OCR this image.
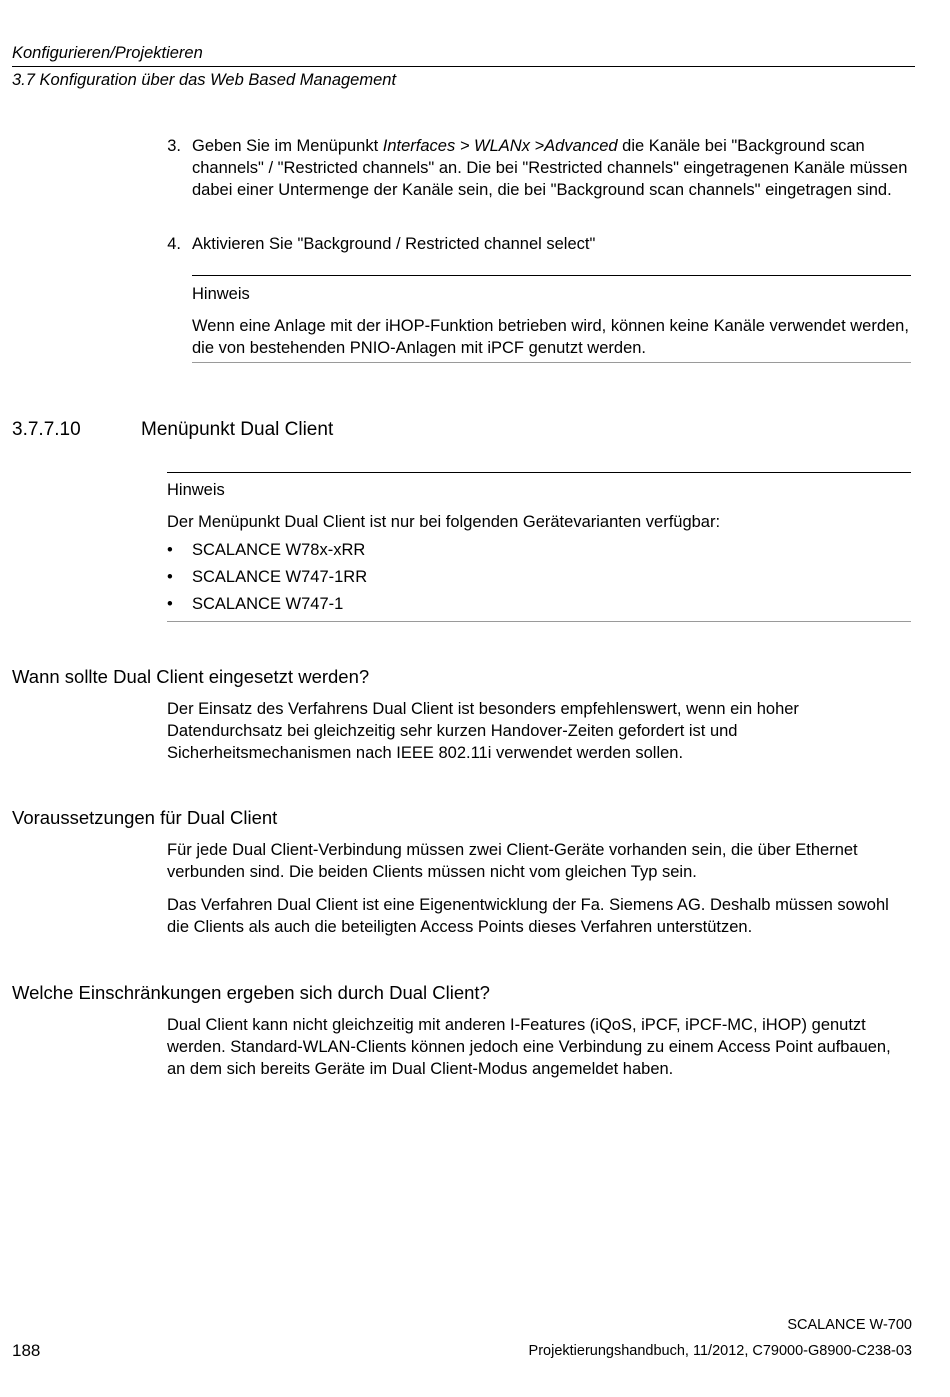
Konfigurieren/Projektieren
3.7 Konfiguration über das Web Based Management
3. Geben Sie im Menüpunkt Interfaces > WLANx >Advanced die Kanäle bei "Background scan channels" / "Restricted channels" an. Die bei "Restricted channels" eingetragenen Kanäle müssen dabei einer Untermenge der Kanäle sein, die bei "Background scan channels" eingetragen sind.
4. Aktivieren Sie "Background / Restricted channel select"
Hinweis
Wenn eine Anlage mit der iHOP-Funktion betrieben wird, können keine Kanäle verwendet werden, die von bestehenden PNIO-Anlagen mit iPCF genutzt werden.
3.7.7.10	Menüpunkt Dual Client
Hinweis
Der Menüpunkt Dual Client ist nur bei folgenden Gerätevarianten verfügbar:
•	SCALANCE W78x-xRR
•	SCALANCE W747-1RR
•	SCALANCE W747-1
Wann sollte Dual Client eingesetzt werden?
Der Einsatz des Verfahrens Dual Client ist besonders empfehlenswert, wenn ein hoher Datendurchsatz bei gleichzeitig sehr kurzen Handover-Zeiten gefordert ist und Sicherheitsmechanismen nach IEEE 802.11i verwendet werden sollen.
Voraussetzungen für Dual Client
Für jede Dual Client-Verbindung müssen zwei Client-Geräte vorhanden sein, die über Ethernet verbunden sind. Die beiden Clients müssen nicht vom gleichen Typ sein.
Das Verfahren Dual Client ist eine Eigenentwicklung der Fa. Siemens AG. Deshalb müssen sowohl die Clients als auch die beteiligten Access Points dieses Verfahren unterstützen.
Welche Einschränkungen ergeben sich durch Dual Client?
Dual Client kann nicht gleichzeitig mit anderen I-Features (iQoS, iPCF, iPCF-MC, iHOP) genutzt werden. Standard-WLAN-Clients können jedoch eine Verbindung zu einem Access Point aufbauen, an dem sich bereits Geräte im Dual Client-Modus angemeldet haben.
SCALANCE W-700
188	Projektierungshandbuch, 11/2012, C79000-G8900-C238-03
